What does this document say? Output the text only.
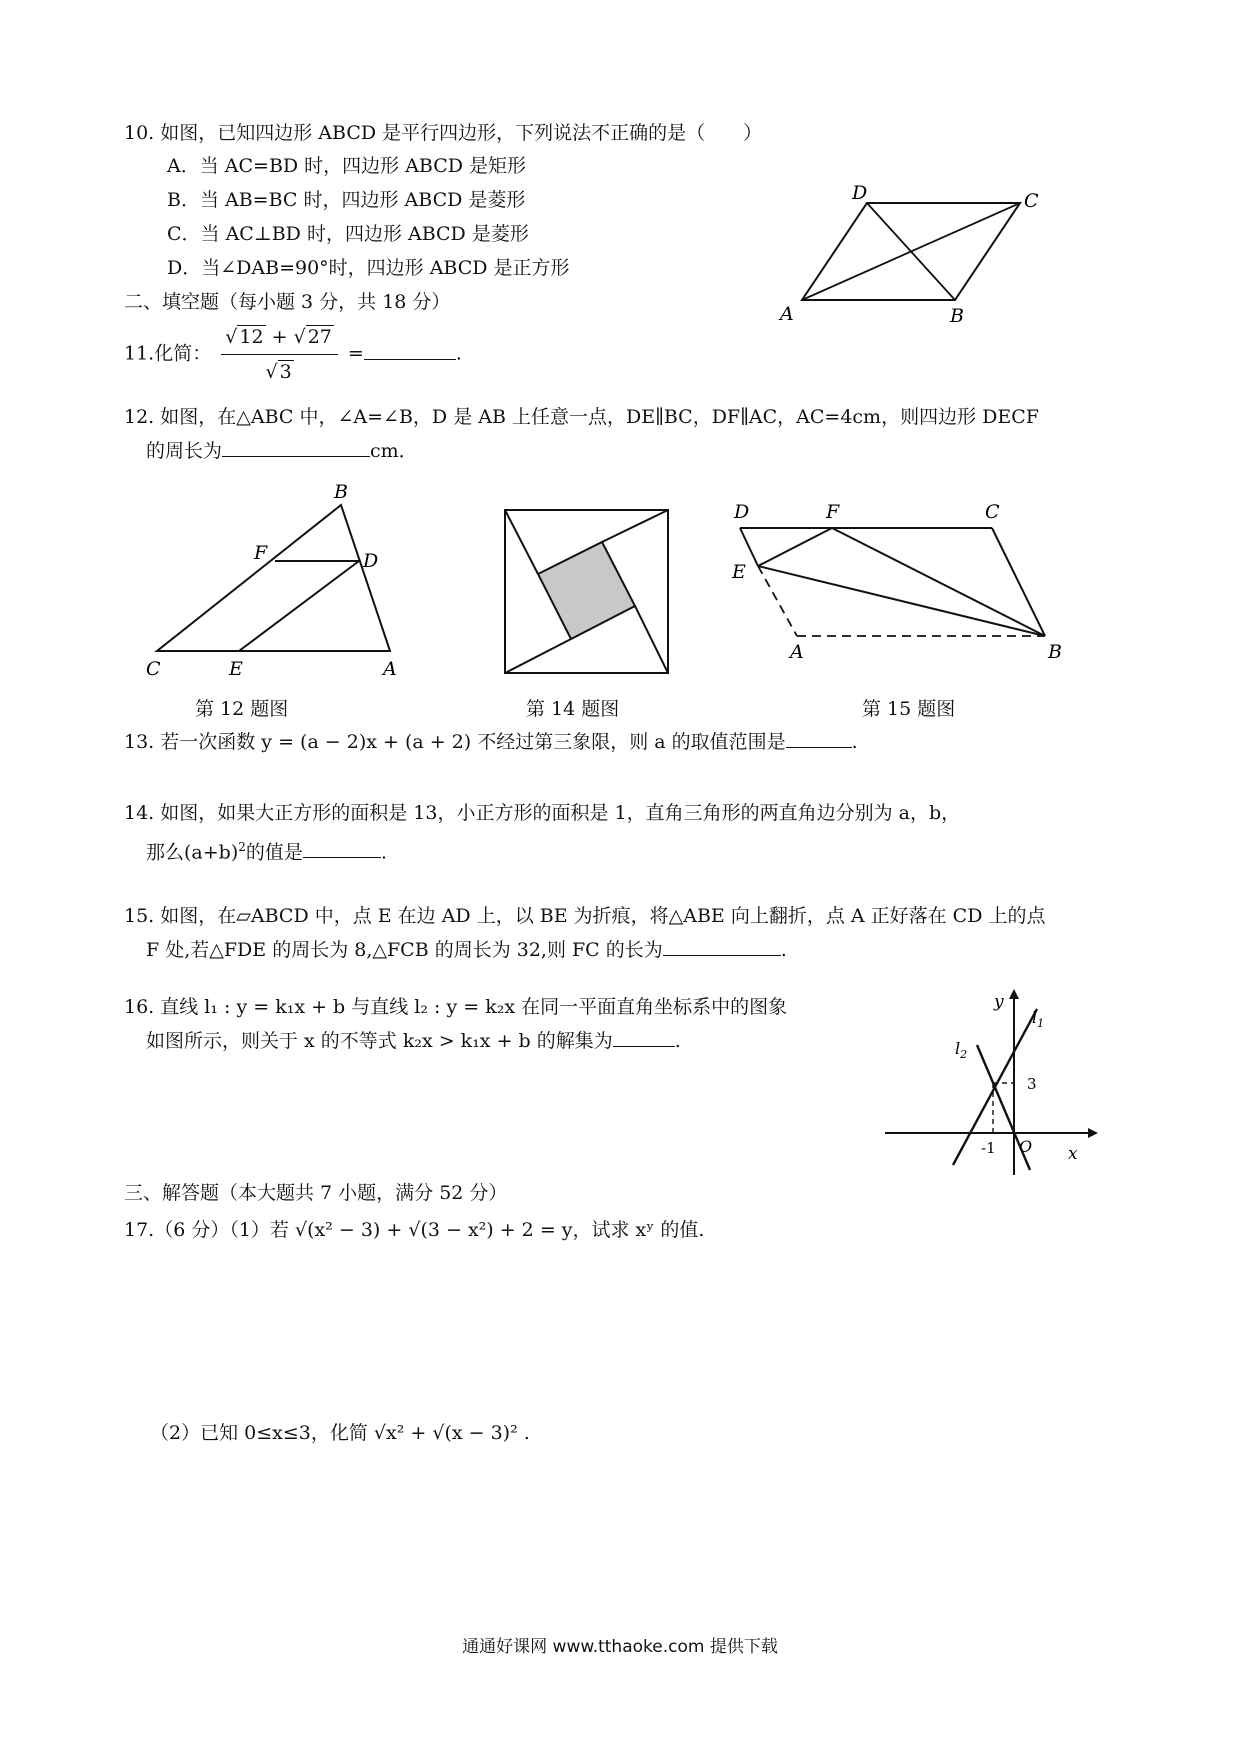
10. 如图，已知四边形 ABCD 是平行四边形，下列说法不正确的是（　　）
A．当 AC=BD 时，四边形 ABCD 是矩形
B．当 AB=BC 时，四边形 ABCD 是菱形
C．当 AC⊥BD 时，四边形 ABCD 是菱形
D．当∠DAB=90°时，四边形 ABCD 是正方形
D	C
A	B
二、填空题（每小题 3 分，共 18 分）
11.化简： $\frac{√ 12 + √ 27}{√ 3}$ =	.
12. 如图，在△ABC 中，∠A=∠B，D 是 AB 上任意一点，DE∥BC，DF∥AC，AC=4cm，则四边形 DECF
的周长为	cm．
B
F	D
C	E	A
第 12 题图	第 14 题图
D	F	C
E
A	B
第 15 题图
13. 若一次函数 y = (a − 2)x + (a + 2) 不经过第三象限，则 a 的取值范围是	.
14. 如图，如果大正方形的面积是 13，小正方形的面积是 1，直角三角形的两直角边分别为 a，b，
那么$(a+b)^2$的值是	.
15. 如图，在▱ABCD 中，点 E 在边 AD 上，以 BE 为折痕，将△ABE 向上翻折，点 A 正好落在 CD 上的点
F 处,若△FDE 的周长为 8,△FCB 的周长为 32,则 FC 的长为	.
16. 直线 l₁ : y = k₁x + b 与直线 l₂ : y = k₂x 在同一平面直角坐标系中的图象
如图所示，则关于 x 的不等式 k₂x > k₁x + b 的解集为	.
y
x
O
3
-1
$l_1$
$l_2$
三、解答题（本大题共 7 小题，满分 52 分）
17.（6 分）（1）若 √(x² − 3) + √(3 − x²) + 2 = y，试求 xʸ 的值.
（2）已知 0≤x≤3，化简 √x² + √(x − 3)² .
通通好课网 www.tthaoke.com 提供下载
